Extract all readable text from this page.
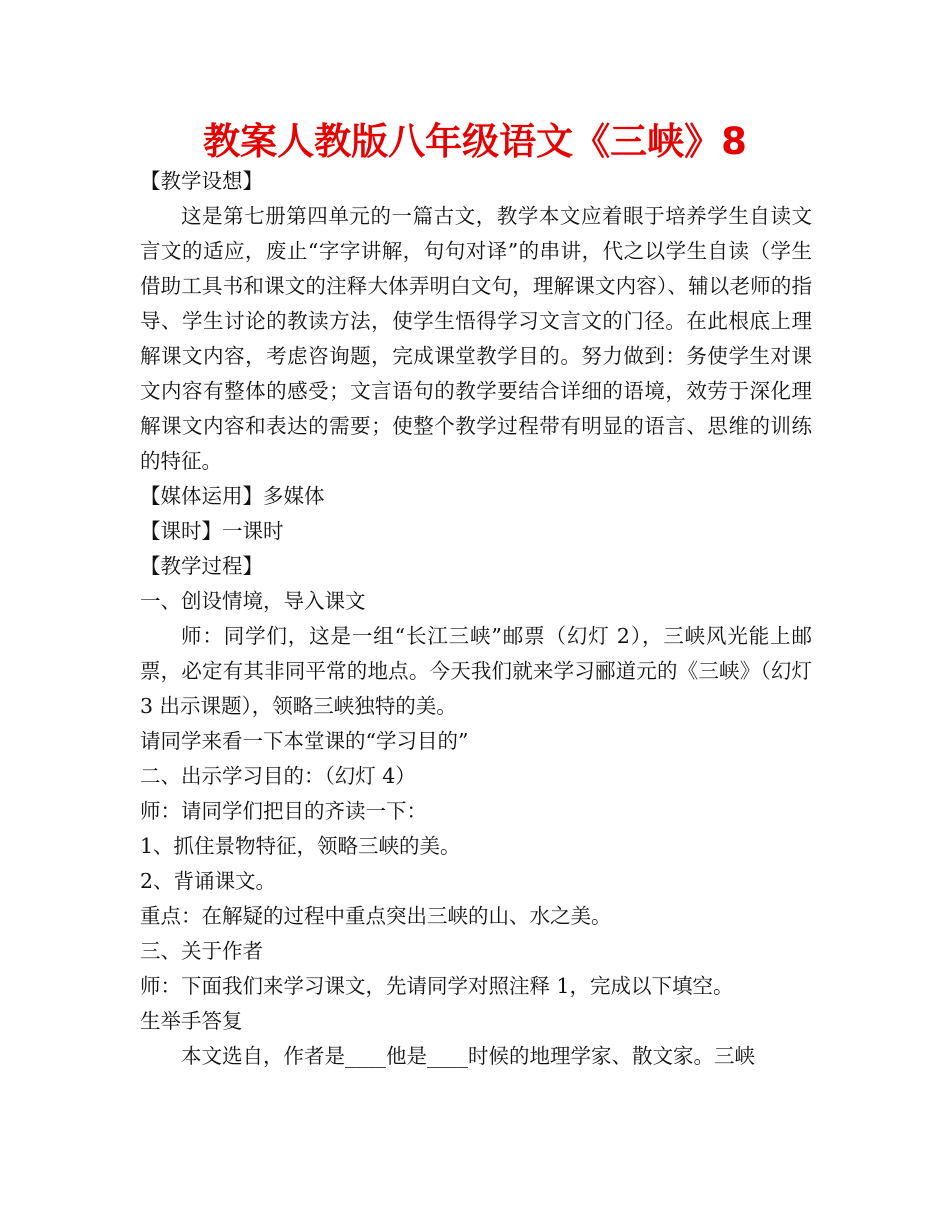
教案人教版八年级语文《三峡》8

【教学设想】

这是第七册第四单元的一篇古文，教学本文应着眼于培养学生自读文言文的适应，废止“字字讲解，句句对译”的串讲，代之以学生自读（学生借助工具书和课文的注释大体弄明白文句，理解课文内容）、辅以老师的指导、学生讨论的教读方法，使学生悟得学习文言文的门径。在此根底上理解课文内容，考虑咨询题，完成课堂教学目的。努力做到：务使学生对课文内容有整体的感受；文言语句的教学要结合详细的语境，效劳于深化理解课文内容和表达的需要；使整个教学过程带有明显的语言、思维的训练的特征。

【媒体运用】多媒体

【课时】一课时

【教学过程】

一、创设情境，导入课文

师：同学们，这是一组“长江三峡”邮票（幻灯 2），三峡风光能上邮票，必定有其非同平常的地点。今天我们就来学习郦道元的《三峡》（幻灯 3 出示课题），领略三峡独特的美。

请同学来看一下本堂课的“学习目的”

二、出示学习目的：（幻灯 4）

师：请同学们把目的齐读一下：

1、抓住景物特征，领略三峡的美。

2、背诵课文。

重点：在解疑的过程中重点突出三峡的山、水之美。

三、关于作者

师：下面我们来学习课文，先请同学对照注释 1，完成以下填空。

生举手答复

本文选自，作者是____他是____时候的地理学家、散文家。三峡
